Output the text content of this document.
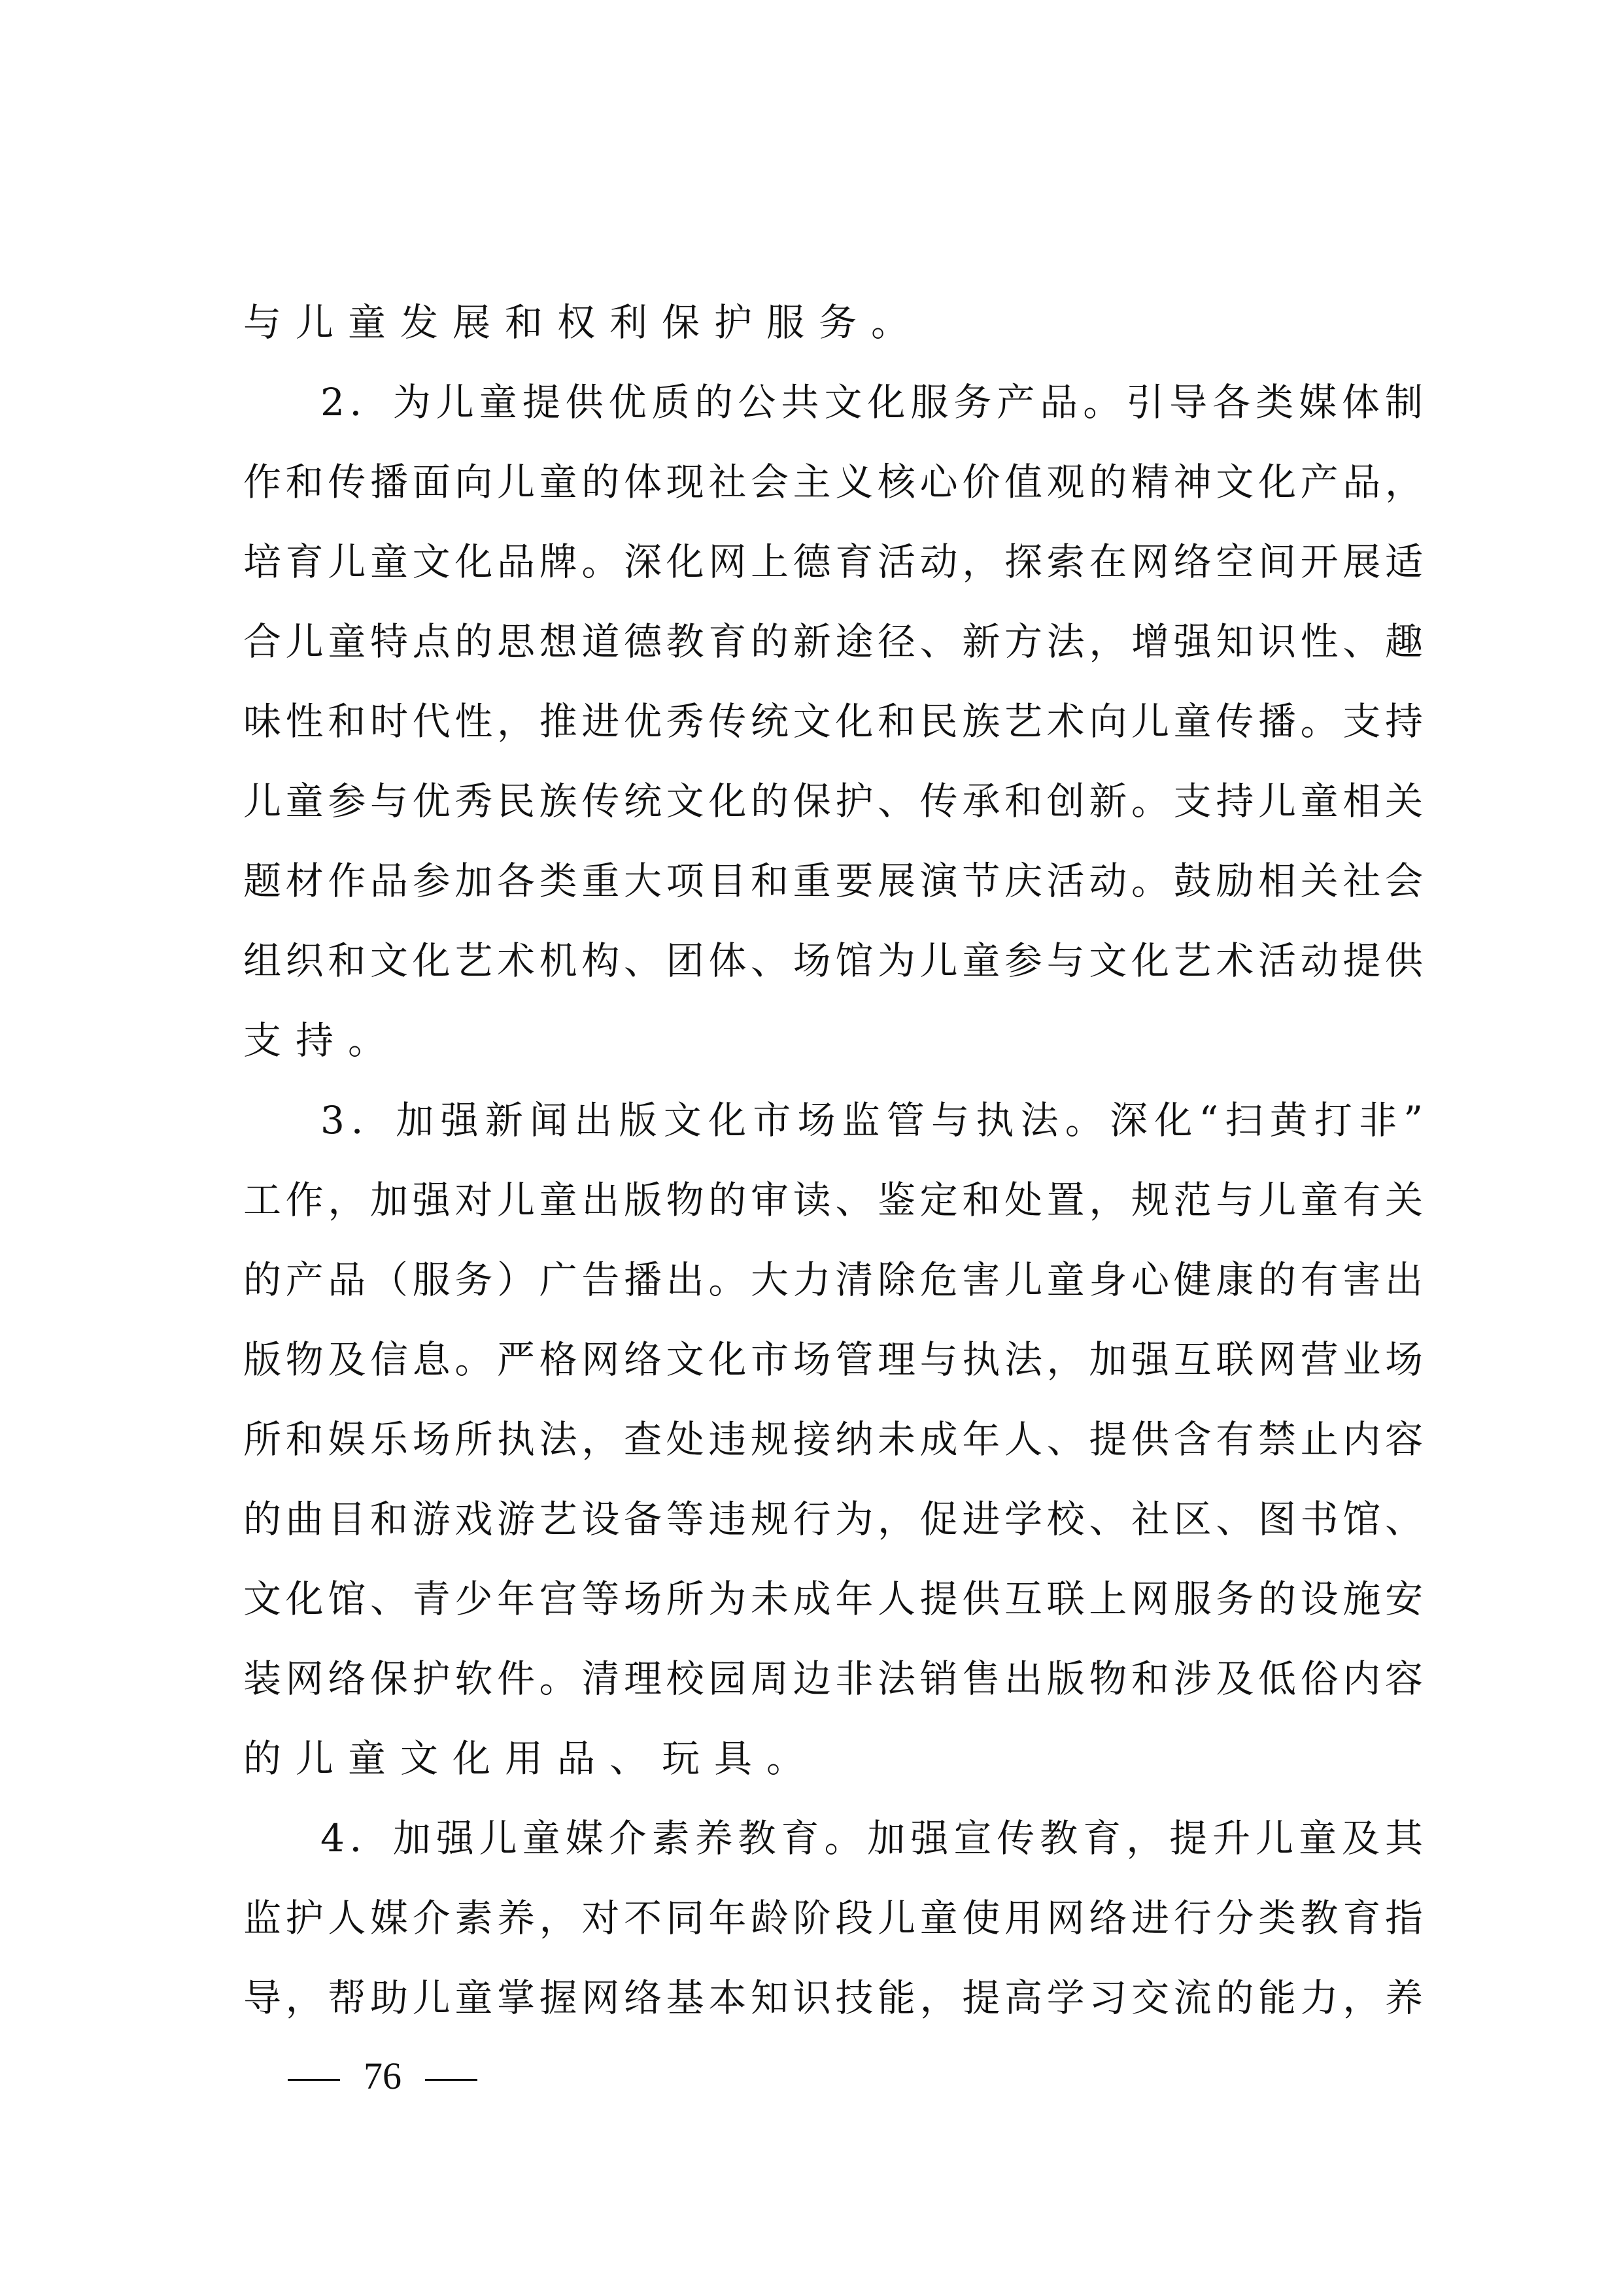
与儿童发展和权利保护服务。
2．为儿童提供优质的公共文化服务产品。引导各类媒体制
作和传播面向儿童的体现社会主义核心价值观的精神文化产品，
培育儿童文化品牌。深化网上德育活动，探索在网络空间开展适
合儿童特点的思想道德教育的新途径、新方法，增强知识性、趣
味性和时代性，推进优秀传统文化和民族艺术向儿童传播。支持
儿童参与优秀民族传统文化的保护、传承和创新。支持儿童相关
题材作品参加各类重大项目和重要展演节庆活动。鼓励相关社会
组织和文化艺术机构、团体、场馆为儿童参与文化艺术活动提供
支持。
3．加强新闻出版文化市场监管与执法。深化“扫黄打非”
工作，加强对儿童出版物的审读、鉴定和处置，规范与儿童有关
的产品（服务）广告播出。大力清除危害儿童身心健康的有害出
版物及信息。严格网络文化市场管理与执法，加强互联网营业场
所和娱乐场所执法，查处违规接纳未成年人、提供含有禁止内容
的曲目和游戏游艺设备等违规行为，促进学校、社区、图书馆、
文化馆、青少年宫等场所为未成年人提供互联上网服务的设施安
装网络保护软件。清理校园周边非法销售出版物和涉及低俗内容
的儿童文化用品、玩具。
4．加强儿童媒介素养教育。加强宣传教育，提升儿童及其
监护人媒介素养，对不同年龄阶段儿童使用网络进行分类教育指
导，帮助儿童掌握网络基本知识技能，提高学习交流的能力，养
76
